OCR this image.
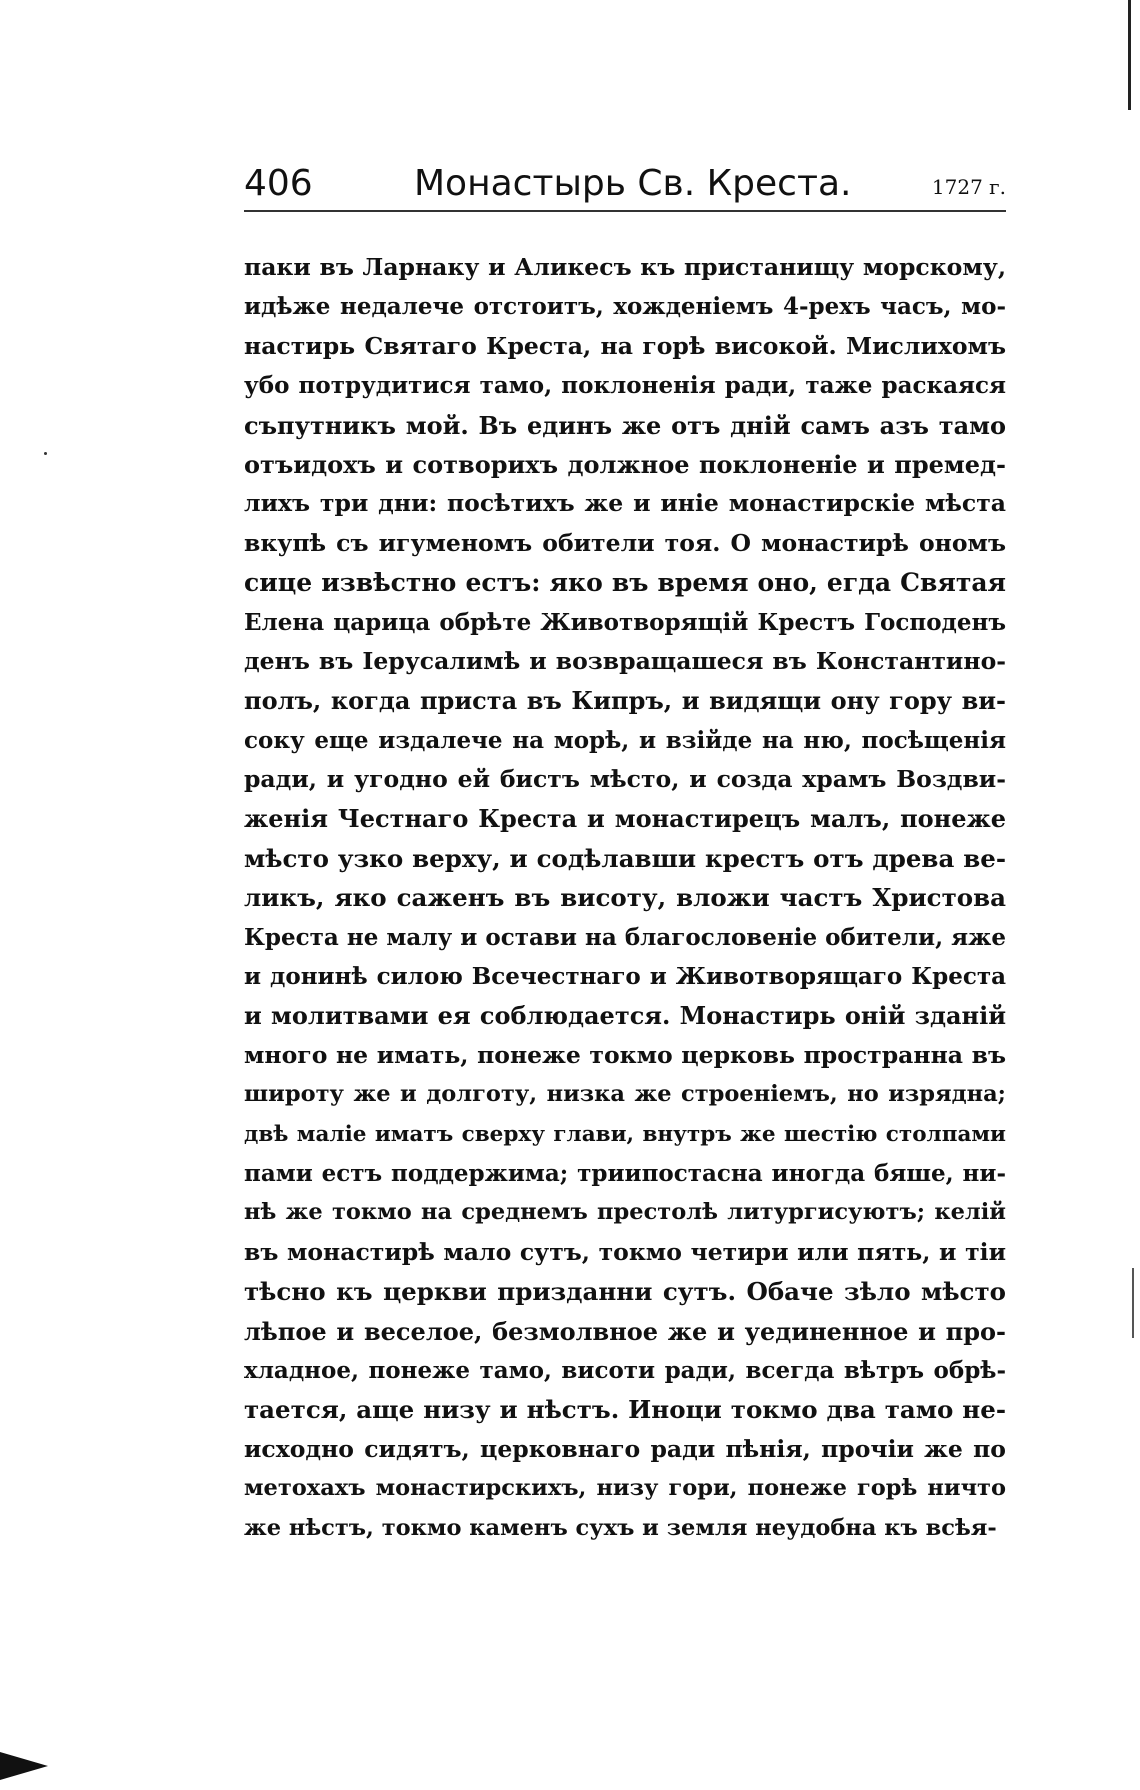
406	Монастырь Св. Креста.	1727 г.
паки въ Ларнаку и Аликесъ къ пристанищу морскому,
идѣже недалече отстоитъ, хожденіемъ 4-рехъ часъ, мо-
настирь Святаго Креста, на горѣ високой. Мислихомъ
убо потрудитися тамо, поклоненія ради, таже раскаяся
съпутникъ мой. Въ единъ же отъ дній самъ азъ тамо
отъидохъ и сотворихъ должное поклоненіе и премед-
лихъ три дни: посѣтихъ же и иніе монастирскіе мѣста
вкупѣ съ игуменомъ обители тоя. О монастирѣ ономъ
сице извѣстно естъ: яко въ время оно, егда Святая
Елена царица обрѣте Животворящій Крестъ Господенъ
денъ въ Іерусалимѣ и возвращашеся въ Константино-
полъ, когда приста въ Кипръ, и видящи ону гору ви-
соку еще издалече на морѣ, и взійде на ню, посѣщенія
ради, и угодно ей бистъ мѣсто, и созда храмъ Воздви-
женія Честнаго Креста и монастирецъ малъ, понеже
мѣсто узко верху, и содѣлавши крестъ отъ древа ве-
ликъ, яко саженъ въ висоту, вложи частъ Христова
Креста не малу и остави на благословеніе обители, яже
и донинѣ силою Всечестнаго и Животворящаго Креста
и молитвами ея соблюдается. Монастирь оній зданій
много не имать, понеже токмо церковь пространна въ
широту же и долготу, низка же строеніемъ, но изрядна;
двѣ маліе иматъ сверху глави, внутръ же шестію столпами
пами естъ поддержима; триипостасна иногда бяше, ни-
нѣ же токмо на среднемъ престолѣ литургисуютъ; келій
въ монастирѣ мало сутъ, токмо четири или пять, и тіи
тѣсно къ церкви призданни сутъ. Обаче зѣло мѣсто
лѣпое и веселое, безмолвное же и уединенное и про-
хладное, понеже тамо, висоти ради, всегда вѣтръ обрѣ-
тается, аще низу и нѣстъ. Иноци токмо два тамо не-
исходно сидятъ, церковнаго ради пѣнія, прочіи же по
метохахъ монастирскихъ, низу гори, понеже горѣ ничто
же нѣстъ, токмо каменъ сухъ и земля неудобна къ всѣя-
